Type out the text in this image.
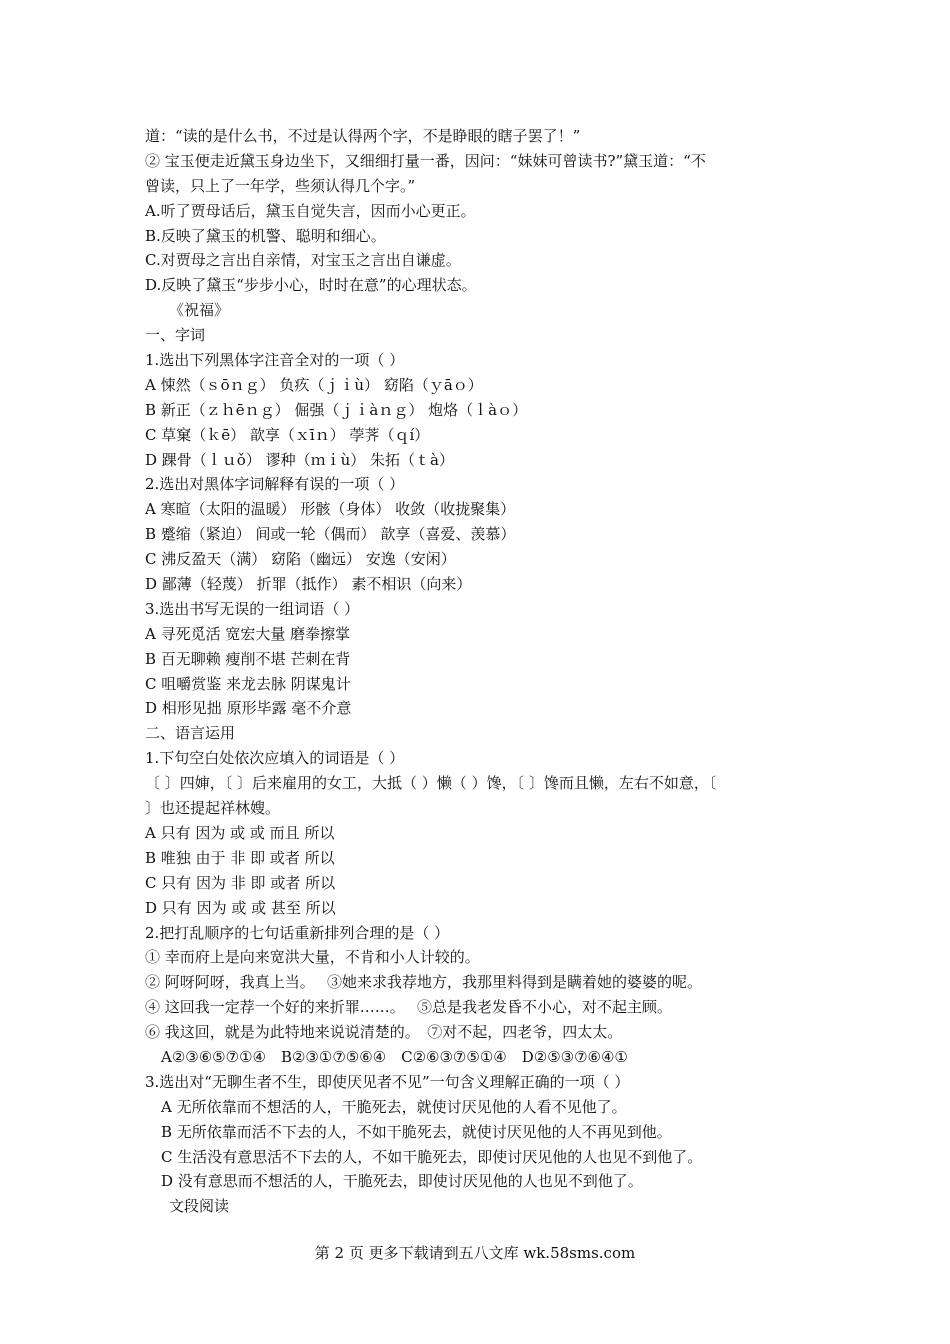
道：“读的是什么书，不过是认得两个字，不是睁眼的瞎子罢了！”
② 宝玉便走近黛玉身边坐下，又细细打量一番，因问：“妹妹可曾读书?”黛玉道：“不
曾读，只上了一年学，些须认得几个字。”
A.听了贾母话后，黛玉自觉失言，因而小心更正。
B.反映了黛玉的机警、聪明和细心。
C.对贾母之言出自亲情，对宝玉之言出自谦虚。
D.反映了黛玉“步步小心，时时在意”的心理状态。
《祝福》
一、字词
1.选出下列黑体字注音全对的一项（ ）
A 悚然（ｓōｎｇ） 负疚（ｊｉù） 窈陷（ｙāｏ）
B 新正（ｚｈēｎｇ） 倔强（ｊｉàｎｇ） 炮烙（ｌàｏ）
C 草窠（ｋē） 歆享（ｘīｎ） 荸荠（ｑí）
D 踝骨（ｌｕǒ） 谬种（ｍｉù） 朱拓（ｔà）
2.选出对黑体字词解释有误的一项（ ）
A 寒暄（太阳的温暖） 形骸（身体） 收敛（收拢聚集）
B 蹙缩（紧迫） 间或一轮（偶而） 歆享（喜爱、羡慕）
C 沸反盈天（满） 窈陷（幽远） 安逸（安闲）
D 鄙薄（轻蔑） 折罪（抵作） 素不相识（向来）
3.选出书写无误的一组词语（ ）
A 寻死觅活 宽宏大量 磨拳擦掌
B 百无聊赖 瘦削不堪 芒刺在背
C 咀嚼赏鉴 来龙去脉 阴谋鬼计
D 相形见拙 原形毕露 毫不介意
二、语言运用
1.下句空白处依次应填入的词语是（ ）
〔 〕四婶，〔 〕后来雇用的女工，大抵（ ）懒（ ）馋，〔 〕馋而且懒，左右不如意，〔
〕也还提起祥林嫂。
A 只有 因为 或 或 而且 所以
B 唯独 由于 非 即 或者 所以
C 只有 因为 非 即 或者 所以
D 只有 因为 或 或 甚至 所以
2.把打乱顺序的七句话重新排列合理的是（ ）
① 幸而府上是向来宽洪大量，不肯和小人计较的。
② 阿呀阿呀，我真上当。　 ③她来求我荐地方，我那里料得到是瞒着她的婆婆的呢。
④ 这回我一定荐一个好的来折罪……。　 ⑤总是我老发昏不小心，对不起主顾。
⑥ 我这回，就是为此特地来说说清楚的。　⑦对不起，四老爷，四太太。
A②③⑥⑤⑦①④　B②③①⑦⑤⑥④　C②⑥③⑦⑤①④　D②⑤③⑦⑥④①
3.选出对“无聊生者不生，即使厌见者不见”一句含义理解正确的一项（ ）
A 无所依靠而不想活的人，干脆死去，就使讨厌见他的人看不见他了。
B 无所依靠而活不下去的人，不如干脆死去，就使讨厌见他的人不再见到他。
C 生活没有意思活不下去的人，不如干脆死去，即使讨厌见他的人也见不到他了。
D 没有意思而不想活的人，干脆死去，即使讨厌见他的人也见不到他了。
文段阅读
第 2 页 更多下载请到五八文库 wk.58sms.com
